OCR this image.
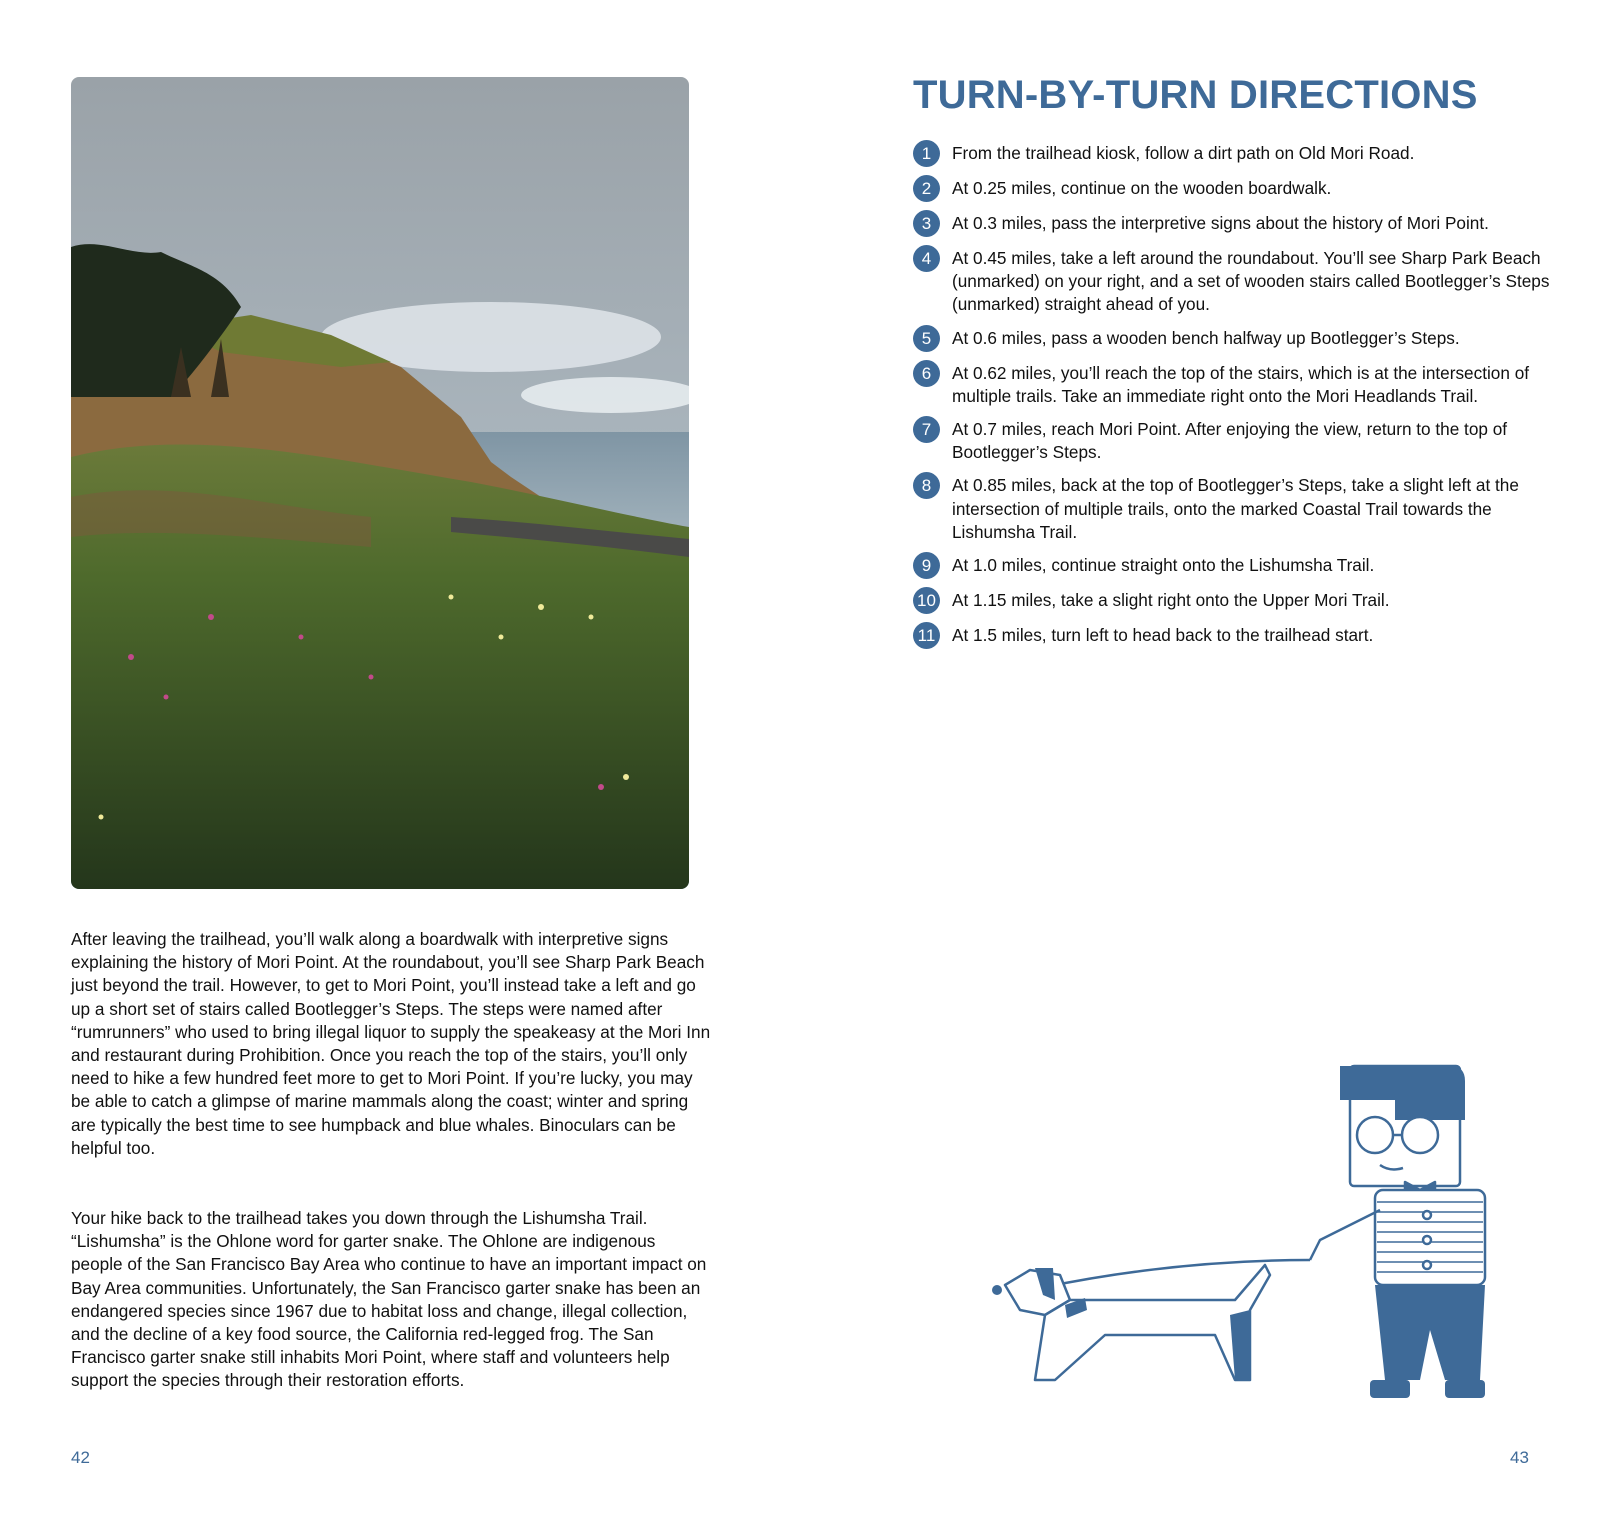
After leaving the trailhead, you’ll walk along a boardwalk with interpretive signs explaining the history of Mori Point. At the roundabout, you’ll see Sharp Park Beach just beyond the trail. However, to get to Mori Point, you’ll instead take a left and go up a short set of stairs called Bootlegger’s Steps. The steps were named after “rumrunners” who used to bring illegal liquor to supply the speakeasy at the Mori Inn and restaurant during Prohibition. Once you reach the top of the stairs, you’ll only need to hike a few hundred feet more to get to Mori Point. If you’re lucky, you may be able to catch a glimpse of marine mammals along the coast; winter and spring are typically the best time to see humpback and blue whales. Binoculars can be helpful too.

Your hike back to the trailhead takes you down through the Lishumsha Trail. “Lishumsha” is the Ohlone word for garter snake. The Ohlone are indigenous people of the San Francisco Bay Area who continue to have an important impact on Bay Area communities. Unfortunately, the San Francisco garter snake has been an endangered species since 1967 due to habitat loss and change, illegal collection, and the decline of a key food source, the California red-legged frog. The San Francisco garter snake still inhabits Mori Point, where staff and volunteers help support the species through their restoration efforts.

42
TURN-BY-TURN DIRECTIONS
1	From the trailhead kiosk, follow a dirt path on Old Mori Road.
2	At 0.25 miles, continue on the wooden boardwalk.
3	At 0.3 miles, pass the interpretive signs about the history of Mori Point.
4	At 0.45 miles, take a left around the roundabout. You’ll see Sharp Park Beach (unmarked) on your right, and a set of wooden stairs called Bootlegger’s Steps (unmarked) straight ahead of you.
5	At 0.6 miles, pass a wooden bench halfway up Bootlegger’s Steps.
6	At 0.62 miles, you’ll reach the top of the stairs, which is at the intersection of multiple trails. Take an immediate right onto the Mori Headlands Trail.
7	At 0.7 miles, reach Mori Point. After enjoying the view, return to the top of Bootlegger’s Steps.
8	At 0.85 miles, back at the top of Bootlegger’s Steps, take a slight left at the intersection of multiple trails, onto the marked Coastal Trail towards the Lishumsha Trail.
9	At 1.0 miles, continue straight onto the Lishumsha Trail.
10 At 1.15 miles, take a slight right onto the Upper Mori Trail.
11 At 1.5 miles, turn left to head back to the trailhead start.
43
